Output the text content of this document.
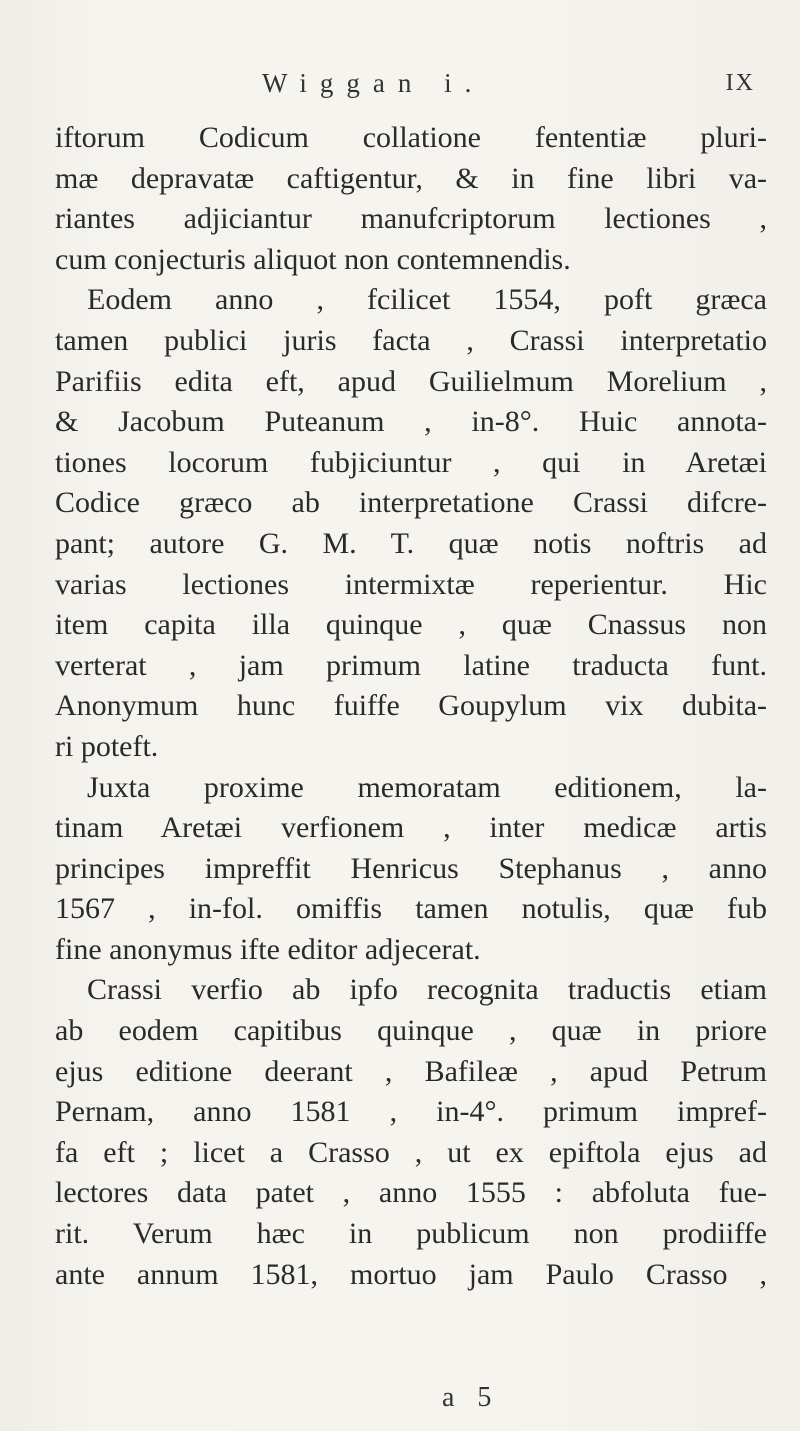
Wiggan i.	IX
iftorum Codicum collatione fententiæ pluri-
mæ depravatæ caftigentur, & in fine libri va-
riantes adjiciantur manufcriptorum lectiones ,
cum conjecturis aliquot non contemnendis.
Eodem anno , fcilicet 1554, poft græca
tamen publici juris facta , Crassi interpretatio
Parifiis edita eft, apud Guilielmum Morelium ,
& Jacobum Puteanum , in-8°. Huic annota-
tiones locorum fubjiciuntur , qui in Aretæi
Codice græco ab interpretatione Crassi difcre-
pant; autore G. M. T. quæ notis noftris ad
varias lectiones intermixtæ reperientur. Hic
item capita illa quinque , quæ Cnassus non
verterat , jam primum latine traducta funt.
Anonymum hunc fuiffe Goupylum vix dubita-
ri poteft.
Juxta proxime memoratam editionem, la-
tinam Aretæi verfionem , inter medicæ artis
principes impreffit Henricus Stephanus , anno
1567 , in-fol. omiffis tamen notulis, quæ fub
fine anonymus ifte editor adjecerat.
Crassi verfio ab ipfo recognita traductis etiam
ab eodem capitibus quinque , quæ in priore
ejus editione deerant , Bafileæ , apud Petrum
Pernam, anno 1581 , in-4°. primum impref-
fa eft ; licet a Crasso , ut ex epiftola ejus ad
lectores data patet , anno 1555 : abfoluta fue-
rit. Verum hæc in publicum non prodiiffe
ante annum 1581, mortuo jam Paulo Crasso ,
a 5
